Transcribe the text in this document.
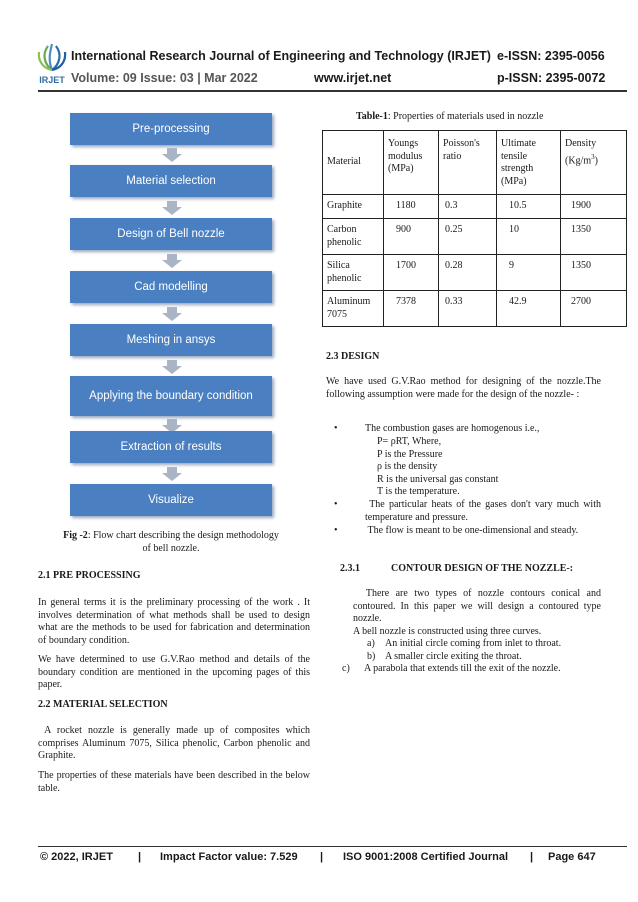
IRJET
International Research Journal of Engineering and Technology (IRJET) e-ISSN: 2395-0056
Volume: 09 Issue: 03 | Mar 2022	www.irjet.net	p-ISSN: 2395-0072
Pre-processing
Material selection
Design of Bell nozzle
Cad modelling
Meshing in ansys
Applying the boundary condition
Extraction of results
Visualize
Fig -2: Flow chart describing the design methodology of bell nozzle.
2.1 PRE PROCESSING
In general terms it is the preliminary processing of the work . It involves determination of what methods shall be used to design what are the methods to be used for fabrication and determination of boundary condition.
We have determined to use G.V.Rao method and details of the boundary condition are mentioned in the upcoming pages of this paper.
2.2 MATERIAL SELECTION
A rocket nozzle is generally made up of composites which comprises Aluminum 7075, Silica phenolic, Carbon phenolic and Graphite.
The properties of these materials have been described in the below table.
Table-1: Properties of materials used in nozzle
Material	Youngs modulus (MPa)	Poisson's ratio	Ultimate tensile strength (MPa)	Density $(Kg/m^3)$
Graphite	1180	0.3	10.5	1900
Carbon phenolic	900	0.25	10	1350
Silica phenolic	1700	0.28	9	1350
Aluminum 7075	7378	0.33	42.9	2700
2.3 DESIGN
We have used G.V.Rao method for designing of the nozzle.The following assumption were made for the design of the nozzle- :
•	The combustion gases are homogenous i.e.,
P= ρRT, Where,
P is the Pressure
ρ is the density
R is the universal gas constant
T is the temperature.
•	The particular heats of the gases don't vary much with temperature and pressure.
•	The flow is meant to be one-dimensional and steady.
2.3.1	CONTOUR DESIGN OF THE NOZZLE-:
There are two types of nozzle contours conical and contoured. In this paper we will design a contoured type nozzle.
A bell nozzle is constructed using three curves.
a) An initial circle coming from inlet to throat.
b) A smaller circle exiting the throat.
c) A parabola that extends till the exit of the nozzle.
© 2022, IRJET | Impact Factor value: 7.529 | ISO 9001:2008 Certified Journal | Page 647
